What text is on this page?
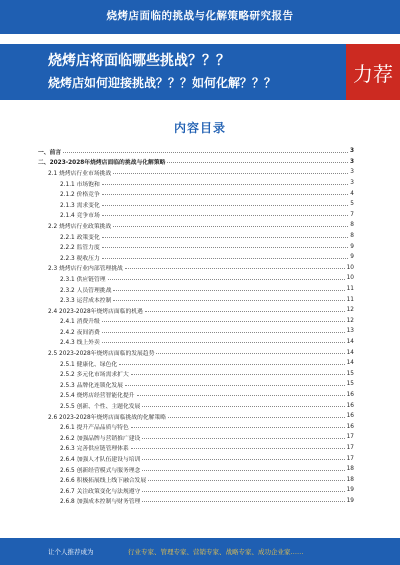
烧烤店面临的挑战与化解策略研究报告
烧烤店将面临哪些挑战？？？
烧烤店如何迎接挑战？？？如何化解？？？	力荐
内容目录
一、前言	3
二、2023-2028年烧烤店面临的挑战与化解策略	3
2.1 烧烤店行业市场挑战	3
2.1.1 市场饱和	3
2.1.2 价格竞争	4
2.1.3 需求变化	5
2.1.4 竞争市场	7
2.2 烧烤店行业政策挑战	8
2.2.1 政策变化	8
2.2.2 监管力度	9
2.2.3 税收压力	9
2.3 烧烤店行业内部管理挑战	10
2.3.1 供应链管理	10
2.3.2 人员管理挑战	11
2.3.3 运营成本控制	11
2.4 2023-2028年烧烤店面临的机遇	12
2.4.1 消费升级	12
2.4.2 夜间消费	13
2.4.3 线上外卖	14
2.5 2023-2028年烧烤店面临的发展趋势	14
2.5.1 健康化、绿色化	14
2.5.2 多元化市场需求扩大	15
2.5.3 品牌化连锁化发展	15
2.5.4 烧烤店经营智能化提升	16
2.5.5 创新、个性、主题化发展	16
2.6 2023-2028年烧烤店面临挑战的化解策略	16
2.6.1 提升产品品质与特色	16
2.6.2 加强品牌与营销推广建设	17
2.6.3 完善供应链管理体系	17
2.6.4 加强人才队伍建设与培训	17
2.6.5 创新经营模式与服务理念	18
2.6.6 积极拓展线上线下融合发展	18
2.6.7 关注政策变化与法规遵守	19
2.6.8 加强成本控制与财务管理	19
让个人推荐成为	行业专家、管理专家、营销专家、战略专家、成功企业家……
